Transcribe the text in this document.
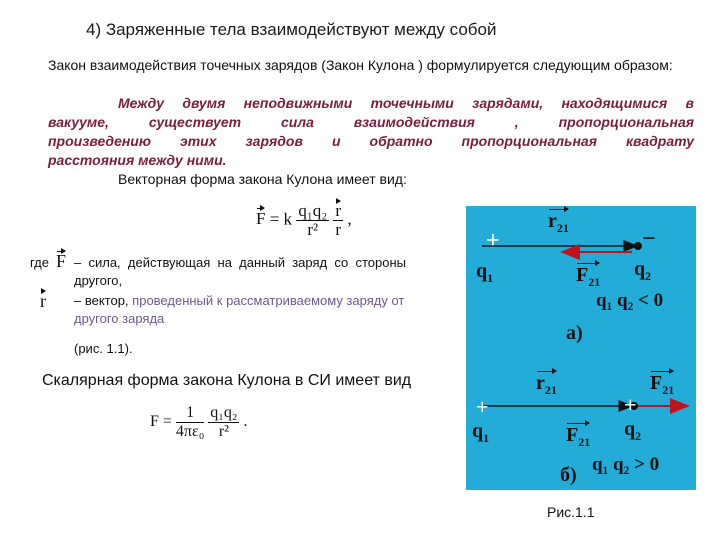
4) Заряженные тела взаимодействуют между собой
Закон взаимодействия точечных зарядов (Закон Кулона ) формулируется следующим образом:
Между двумя неподвижными точечными зарядами, находящимися в
вакууме, существует сила взаимодействия , пропорциональная
произведению этих зарядов и обратно пропорциональная квадрату
расстояния между ними.
Векторная форма закона Кулона имеет вид:
F = k $\frac{\text{q₁q₂}}{\text{r²}}$
$\frac{r}{r}$ ,
где F – сила, действующая на данный заряд со стороны другого,
r – вектор, проведенный к рассматриваемому заряду от другого заряда
(рис. 1.1).
Скалярная форма закона Кулона в СИ имеет вид
$F = \frac{1}{\text{4πε₀}}$
$\frac{\text{q₁q₂}}{\text{r²}}$ .
$r_{21}$
+	−
$q_1$	$F_{21}$
$q_2$
q₁ q₂ < 0
а)
$r_{21}$	$F_{21}$
+	+
$q_1$	$F_{21}$
$q_2$
q₁ q₂ > 0
б)
Рис.1.1
